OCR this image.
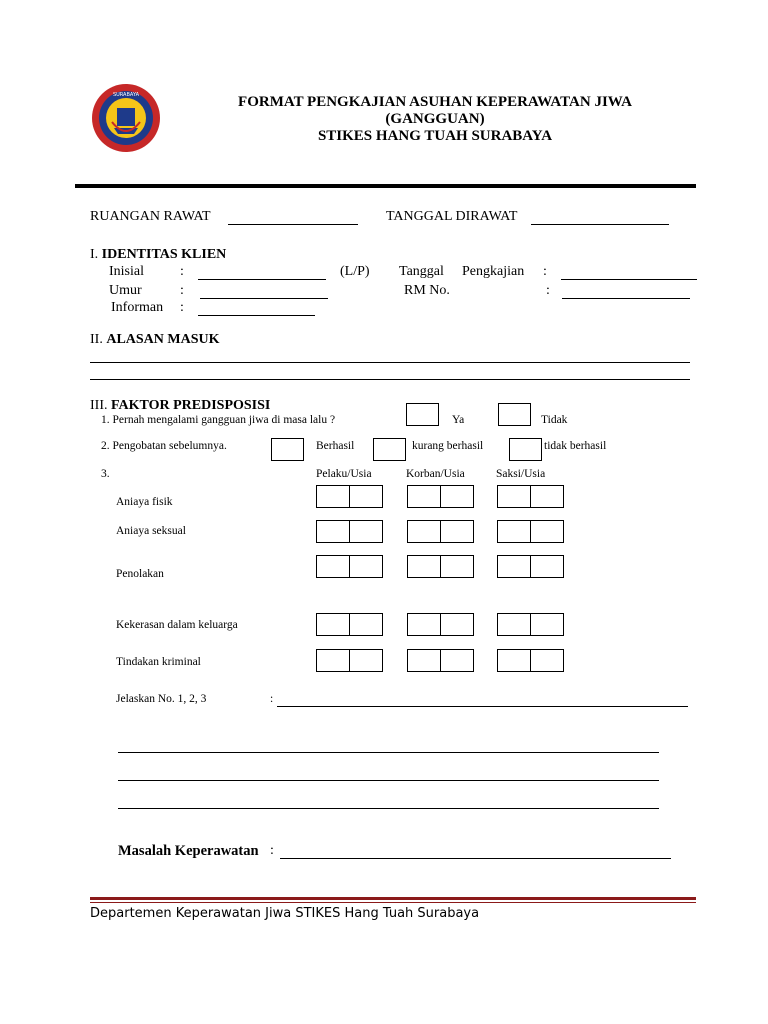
SURABAYA	FORMAT PENGKAJIAN ASUHAN KEPERAWATAN JIWA
(GANGGUAN)
STIKES HANG TUAH SURABAYA
RUANGAN RAWAT	TANGGAL DIRAWAT
I. IDENTITAS KLIEN
Inisial	:	(L/P) Tanggal Pengkajian :
Umur	:	RM No.	:
Informan :
II. ALASAN MASUK
III. FAKTOR PREDISPOSISI
1. Pernah mengalami gangguan jiwa di masa lalu ?	Ya	Tidak
2. Pengobatan sebelumnya.	Berhasil	kurang berhasil	tidak berhasil
3.	Pelaku/Usia	Korban/Usia	Saksi/Usia
Aniaya fisik
Aniaya seksual
Penolakan
Kekerasan dalam keluarga
Tindakan kriminal
Jelaskan No. 1, 2, 3	:
Masalah Keperawatan :
Departemen Keperawatan Jiwa STIKES Hang Tuah Surabaya
